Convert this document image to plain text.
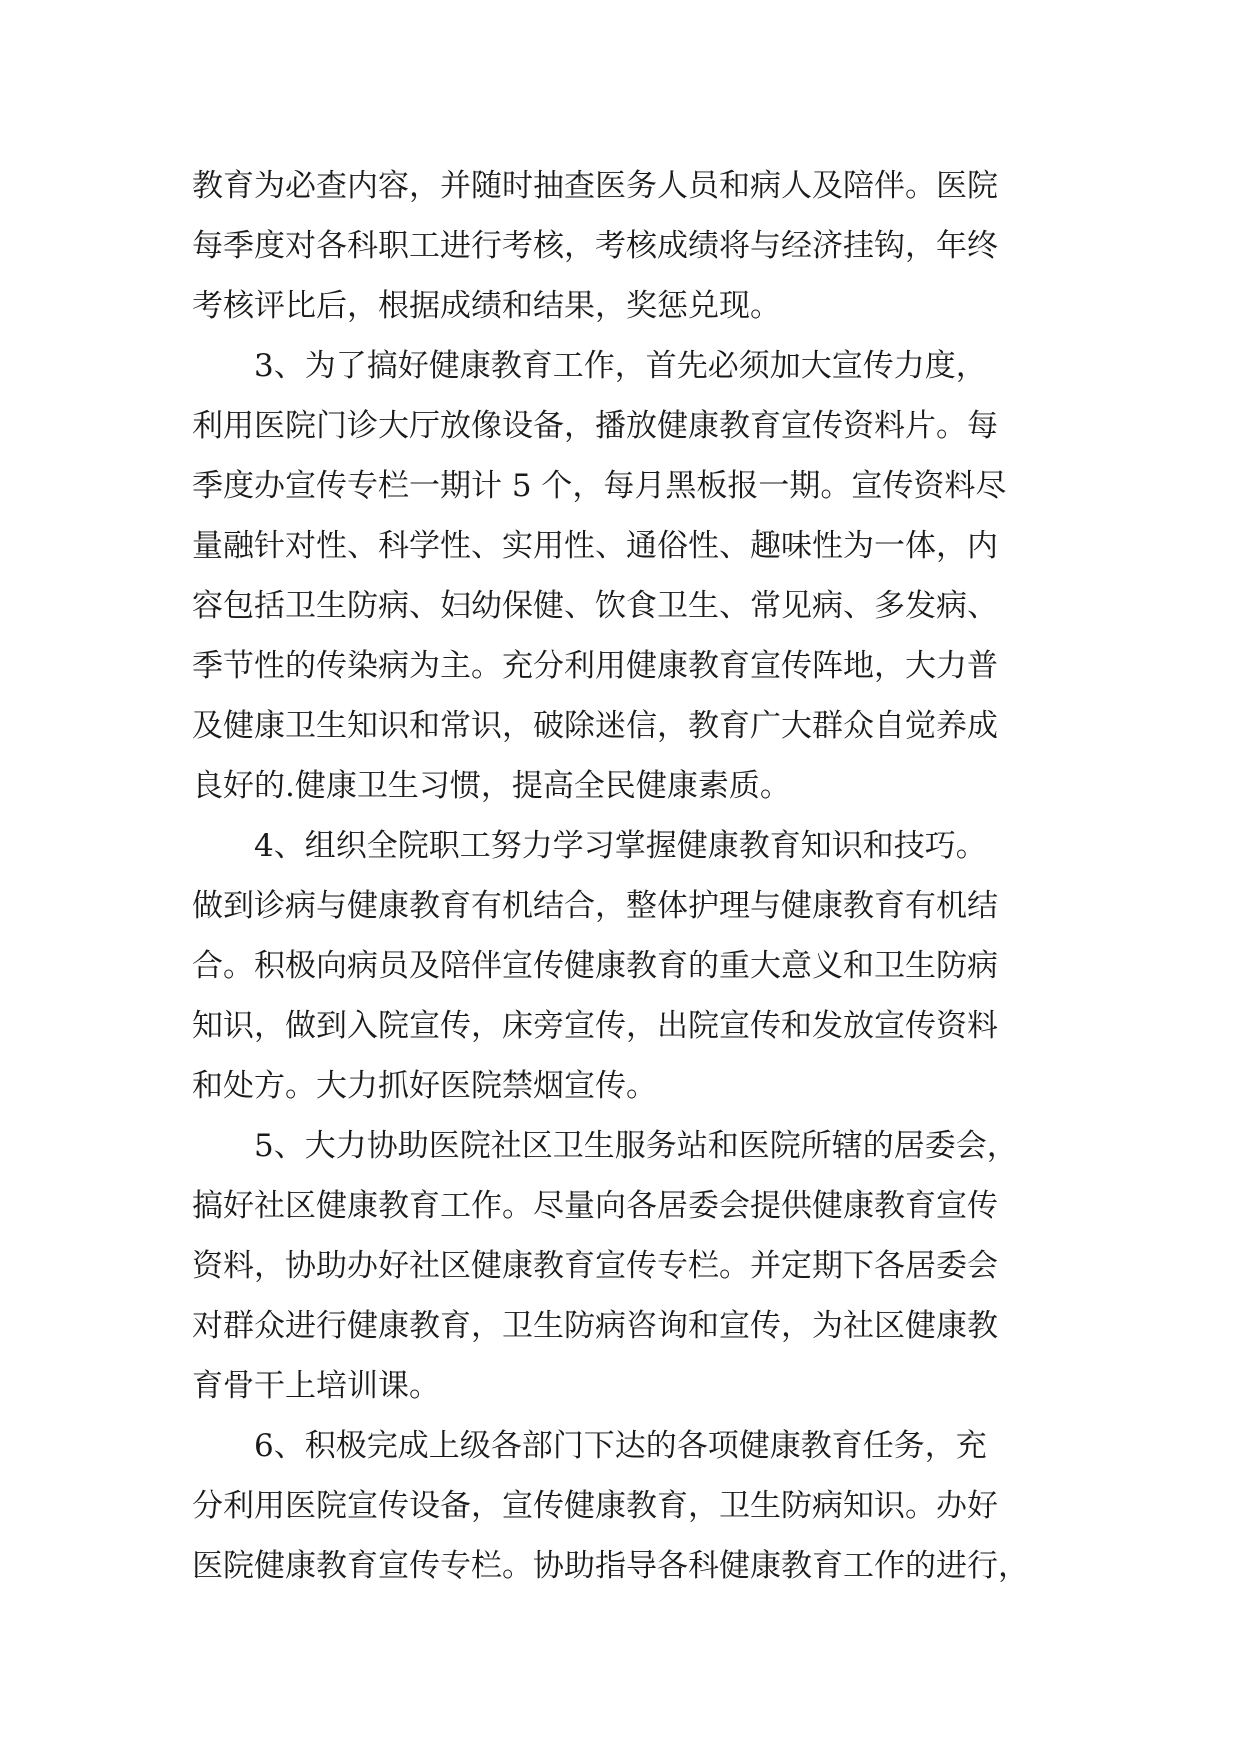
教育为必查内容，并随时抽查医务人员和病人及陪伴。医院
每季度对各科职工进行考核，考核成绩将与经济挂钩，年终
考核评比后，根据成绩和结果，奖惩兑现。
3、为了搞好健康教育工作，首先必须加大宣传力度，
利用医院门诊大厅放像设备，播放健康教育宣传资料片。每
季度办宣传专栏一期计 5 个，每月黑板报一期。宣传资料尽
量融针对性、科学性、实用性、通俗性、趣味性为一体，内
容包括卫生防病、妇幼保健、饮食卫生、常见病、多发病、
季节性的传染病为主。充分利用健康教育宣传阵地，大力普
及健康卫生知识和常识，破除迷信，教育广大群众自觉养成
良好的.健康卫生习惯，提高全民健康素质。
4、组织全院职工努力学习掌握健康教育知识和技巧。
做到诊病与健康教育有机结合，整体护理与健康教育有机结
合。积极向病员及陪伴宣传健康教育的重大意义和卫生防病
知识，做到入院宣传，床旁宣传，出院宣传和发放宣传资料
和处方。大力抓好医院禁烟宣传。
5、大力协助医院社区卫生服务站和医院所辖的居委会，
搞好社区健康教育工作。尽量向各居委会提供健康教育宣传
资料，协助办好社区健康教育宣传专栏。并定期下各居委会
对群众进行健康教育，卫生防病咨询和宣传，为社区健康教
育骨干上培训课。
6、积极完成上级各部门下达的各项健康教育任务，充
分利用医院宣传设备，宣传健康教育，卫生防病知识。办好
医院健康教育宣传专栏。协助指导各科健康教育工作的进行，
